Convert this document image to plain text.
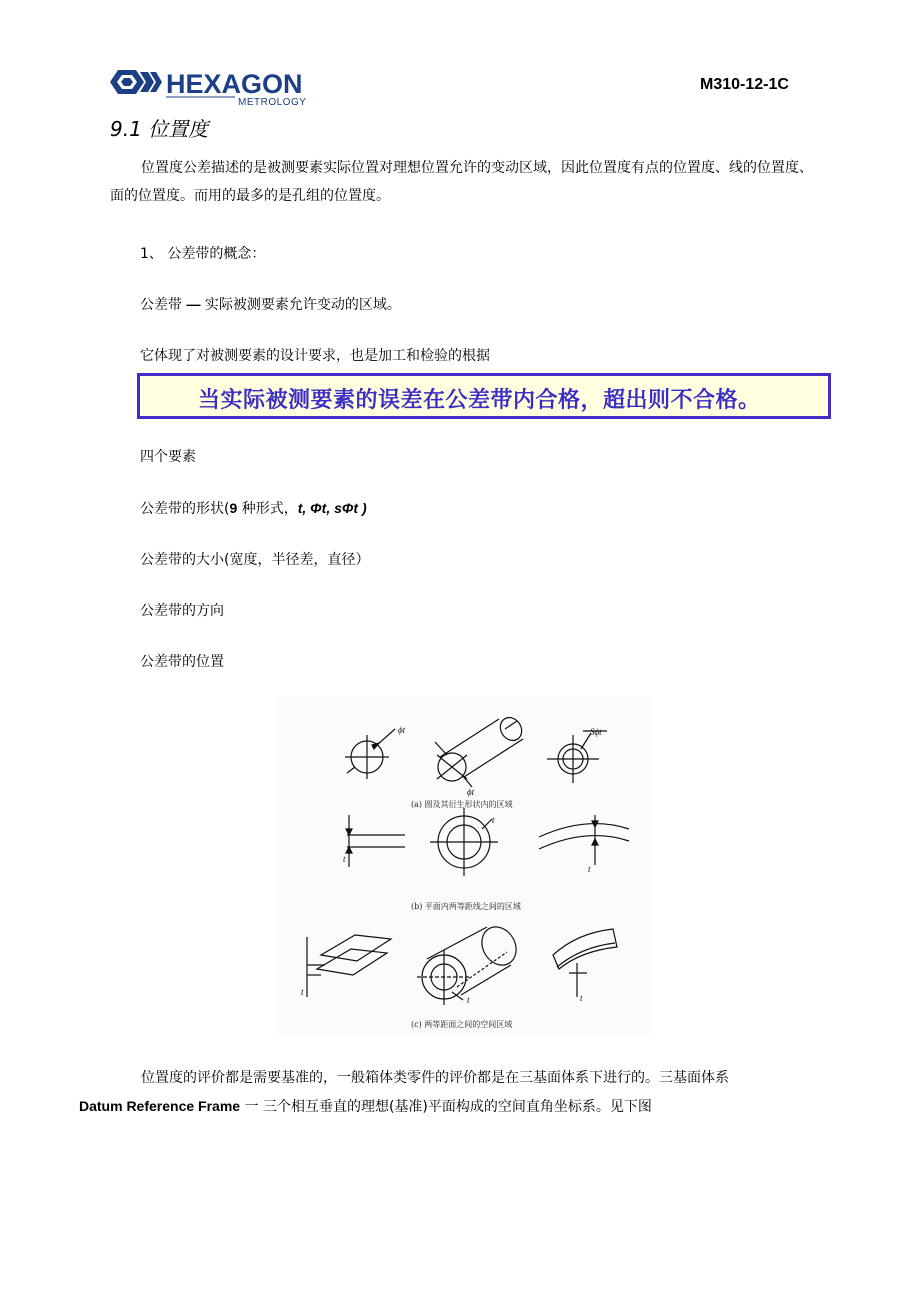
HEXAGON
METROLOGY
M310-12-1C
9.1 位置度
位置度公差描述的是被测要素实际位置对理想位置允许的变动区域，因此位置度有点的位置度、线的位置度、面的位置度。而用的最多的是孔组的位置度。
1、 公差带的概念：
公差带 — 实际被测要素允许变动的区域。
它体现了对被测要素的设计要求，也是加工和检验的根据
当实际被测要素的误差在公差带内合格，超出则不合格。
四个要素
公差带的形状(9 种形式，t, Φt, sΦt )
公差带的大小(宽度，半径差，直径）
公差带的方向
公差带的位置
ϕt
ϕt
Sϕt
t
t
t
t
t	t
(a) 圆及其衍生形状内的区域
(b) 平面内两等距线之间的区域
(c) 两等距面之间的空间区域
位置度的评价都是需要基准的，一般箱体类零件的评价都是在三基面体系下进行的。三基面体系
Datum Reference Frame 一 三个相互垂直的理想(基准)平面构成的空间直角坐标系。见下图
